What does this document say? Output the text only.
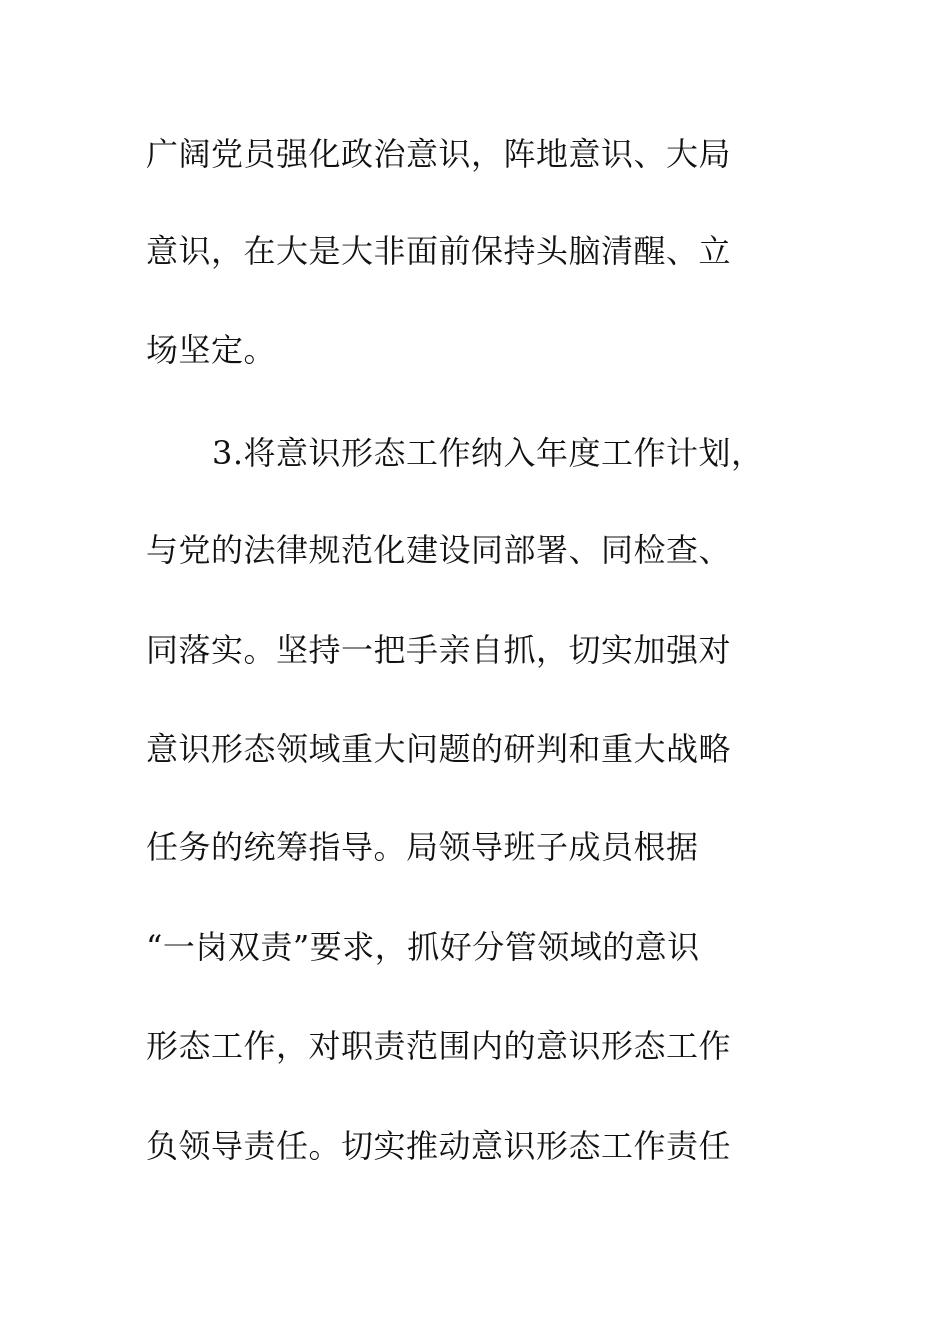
广阔党员强化政治意识，阵地意识、大局
意识，在大是大非面前保持头脑清醒、立
场坚定。
3.将意识形态工作纳入年度工作计划，
与党的法律规范化建设同部署、同检查、
同落实。坚持一把手亲自抓，切实加强对
意识形态领域重大问题的研判和重大战略
任务的统筹指导。局领导班子成员根据
“一岗双责”要求，抓好分管领域的意识
形态工作，对职责范围内的意识形态工作
负领导责任。切实推动意识形态工作责任
